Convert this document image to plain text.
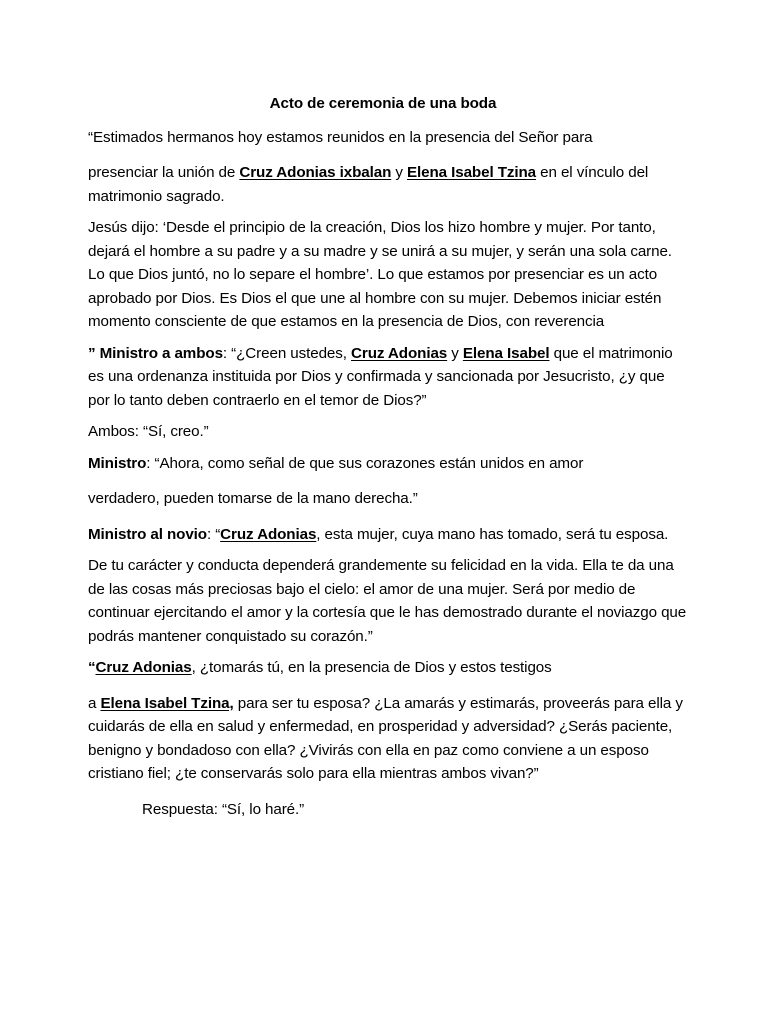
Acto de ceremonia de una boda

“Estimados hermanos hoy estamos reunidos en la presencia del Señor para

presenciar la unión de Cruz Adonias ixbalan y Elena Isabel Tzina en el vínculo del matrimonio sagrado.

Jesús dijo: ‘Desde el principio de la creación, Dios los hizo hombre y mujer. Por tanto, dejará el hombre a su padre y a su madre y se unirá a su mujer, y serán una sola carne. Lo que Dios juntó, no lo separe el hombre’. Lo que estamos por presenciar es un acto aprobado por Dios. Es Dios el que une al hombre con su mujer. Debemos iniciar estén momento consciente de que estamos en la presencia de Dios, con reverencia

” Ministro a ambos: “¿Creen ustedes, Cruz Adonias y Elena Isabel que el matrimonio es una ordenanza instituida por Dios y confirmada y sancionada por Jesucristo, ¿y que por lo tanto deben contraerlo en el temor de Dios?”

Ambos: “Sí, creo.”

Ministro: “Ahora, como señal de que sus corazones están unidos en amor

verdadero, pueden tomarse de la mano derecha.”

Ministro al novio: “Cruz Adonias, esta mujer, cuya mano has tomado, será tu esposa.

De tu carácter y conducta dependerá grandemente su felicidad en la vida. Ella te da una de las cosas más preciosas bajo el cielo: el amor de una mujer. Será por medio de continuar ejercitando el amor y la cortesía que le has demostrado durante el noviazgo que podrás mantener conquistado su corazón.”

“Cruz Adonias, ¿tomarás tú, en la presencia de Dios y estos testigos

a Elena Isabel Tzina, para ser tu esposa? ¿La amarás y estimarás, proveerás para ella y cuidarás de ella en salud y enfermedad, en prosperidad y adversidad? ¿Serás paciente, benigno y bondadoso con ella? ¿Vivirás con ella en paz como conviene a un esposo cristiano fiel; ¿te conservarás solo para ella mientras ambos vivan?”

Respuesta: “Sí, lo haré.”
